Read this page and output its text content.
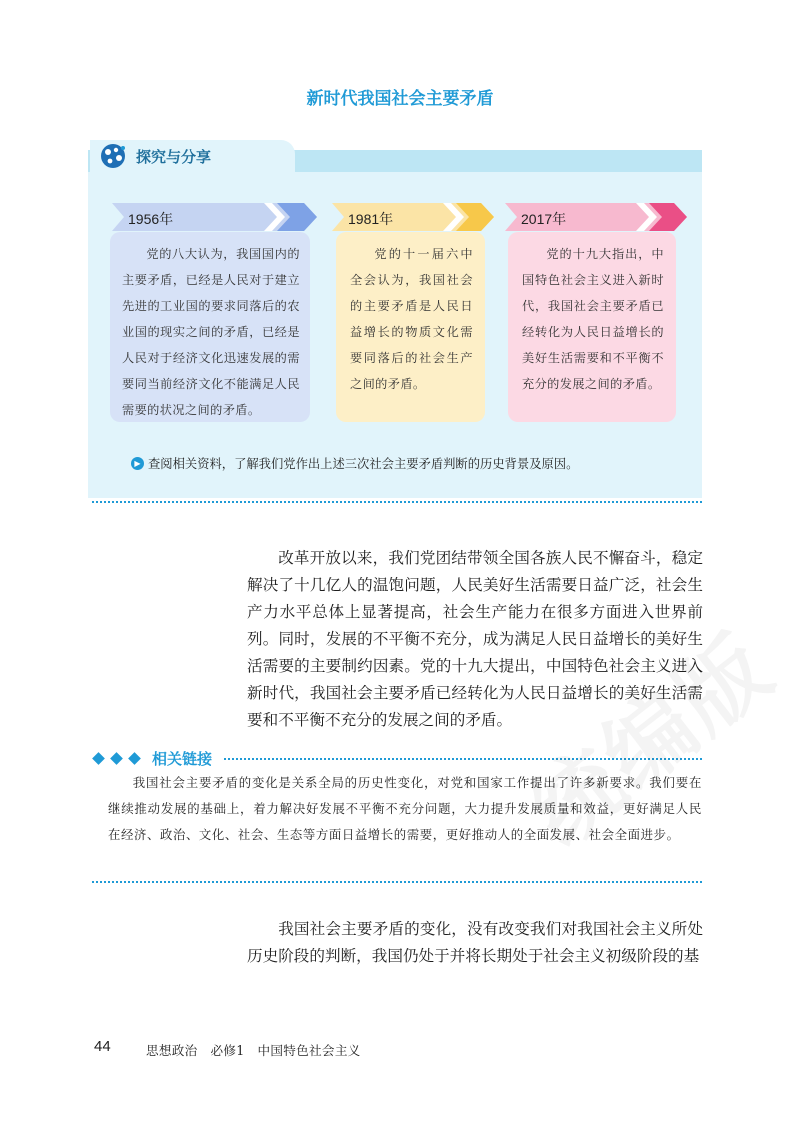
新时代我国社会主要矛盾
探究与分享
1956年	1981年	2017年

党的八大认为，我国国内的主要矛盾，已经是人民对于建立先进的工业国的要求同落后的农业国的现实之间的矛盾，已经是人民对于经济文化迅速发展的需要同当前经济文化不能满足人民需要的状况之间的矛盾。

党的十一届六中全会认为，我国社会的主要矛盾是人民日益增长的物质文化需要同落后的社会生产之间的矛盾。

党的十九大指出，中国特色社会主义进入新时代，我国社会主要矛盾已经转化为人民日益增长的美好生活需要和不平衡不充分的发展之间的矛盾。

▶ 查阅相关资料，了解我们党作出上述三次社会主要矛盾判断的历史背景及原因。

改革开放以来，我们党团结带领全国各族人民不懈奋斗，稳定解决了十几亿人的温饱问题，人民美好生活需要日益广泛，社会生产力水平总体上显著提高，社会生产能力在很多方面进入世界前列。同时，发展的不平衡不充分，成为满足人民日益增长的美好生活需要的主要制约因素。党的十九大提出，中国特色社会主义进入新时代，我国社会主要矛盾已经转化为人民日益增长的美好生活需要和不平衡不充分的发展之间的矛盾。

相关链接

我国社会主要矛盾的变化是关系全局的历史性变化，对党和国家工作提出了许多新要求。我们要在继续推动发展的基础上，着力解决好发展不平衡不充分问题，大力提升发展质量和效益，更好满足人民在经济、政治、文化、社会、生态等方面日益增长的需要，更好推动人的全面发展、社会全面进步。

我国社会主要矛盾的变化，没有改变我们对我国社会主义所处历史阶段的判断，我国仍处于并将长期处于社会主义初级阶段的基

44	思想政治　必修1　中国特色社会主义
